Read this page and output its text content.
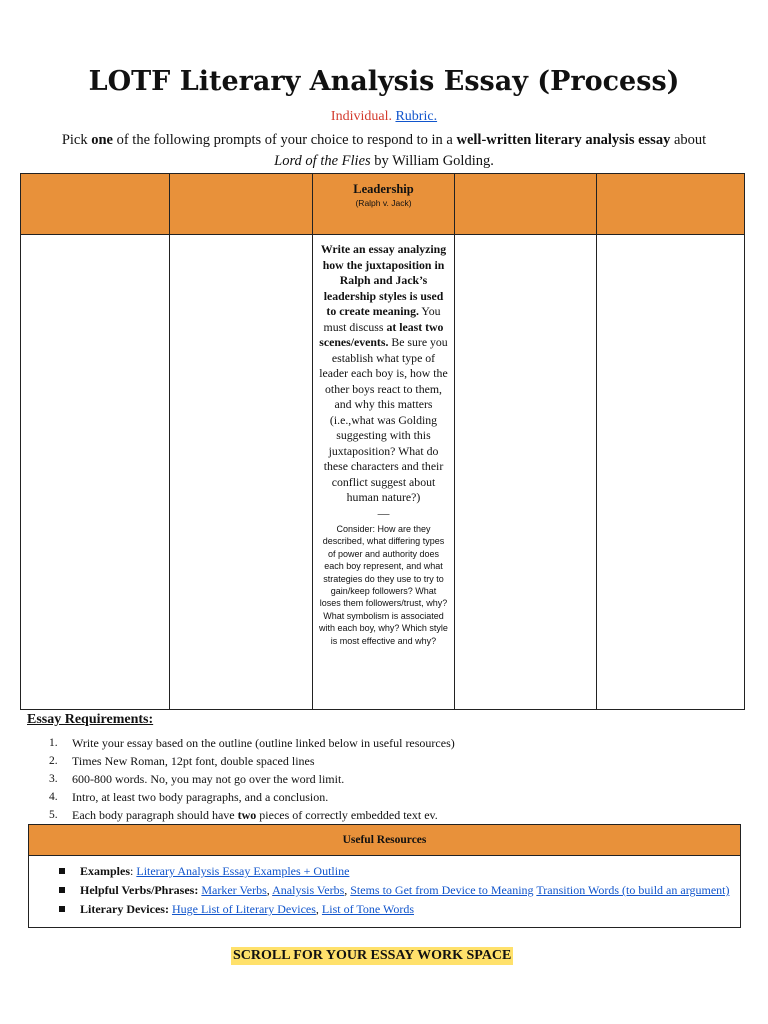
LOTF Literary Analysis Essay (Process)
Individual. Rubric.
Pick one of the following prompts of your choice to respond to in a well-written literary analysis essay about
Lord of the Flies by William Golding.

		Leadership
(Ralph v. Jack)		

		Write an essay analyzing how the juxtaposition in Ralph and Jack’s leadership styles is used to create meaning. You must discuss at least two scenes/events. Be sure you establish what type of leader each boy is, how the other boys react to them, and why this matters (i.e.,what was Golding suggesting with this juxtaposition? What do these characters and their conflict suggest about human nature?)
—
Consider: How are they described, what differing types of power and authority does each boy represent, and what strategies do they use to try to gain/keep followers? What loses them followers/trust, why? What symbolism is associated with each boy, why? Which style is most effective and why?		

Essay Requirements:
1. Write your essay based on the outline (outline linked below in useful resources)
2. Times New Roman, 12pt font, double spaced lines
3. 600-800 words. No, you may not go over the word limit.
4. Intro, at least two body paragraphs, and a conclusion.
5. Each body paragraph should have two pieces of correctly embedded text ev.
Useful Resources
Examples: Literary Analysis Essay Examples + Outline
Helpful Verbs/Phrases: Marker Verbs, Analysis Verbs, Stems to Get from Device to Meaning Transition Words (to build an argument)
Literary Devices: Huge List of Literary Devices, List of Tone Words
SCROLL FOR YOUR ESSAY WORK SPACE
